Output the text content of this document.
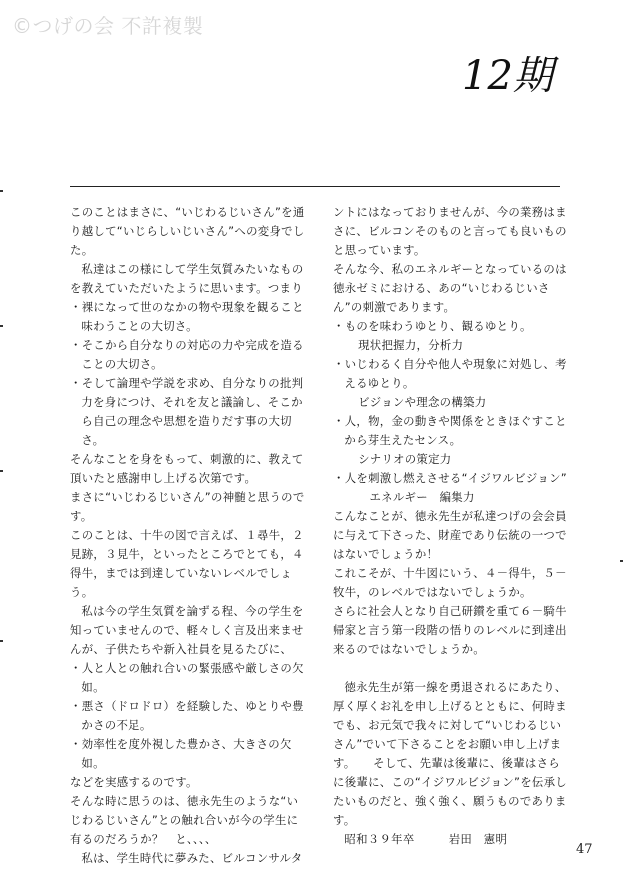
©つげの会 不許複製
12期

このことはまさに、“いじわるじいさん”を通り越して“いじらしいじいさん”への変身でした。

私達はこの様にして学生気質みたいなものを教えていただいたように思います。つまり

・裸になって世のなかの物や現象を観ること味わうことの大切さ。

・そこから自分なりの対応の力や完成を造ることの大切さ。

・そして論理や学説を求め、自分なりの批判力を身につけ、それを友と議論し、そこから自己の理念や思想を造りだす事の大切さ。

そんなことを身をもって、刺激的に、教えて頂いたと感謝申し上げる次第です。

まさに“いじわるじいさん”の神髄と思うのです。

このことは、十牛の図で言えば、１尋牛，２見跡，３見牛，といったところでとても，４得牛，までは到達していないレベルでしょう。

私は今の学生気質を論ずる程、今の学生を知っていませんので、軽々しく言及出来ませんが、子供たちや新入社員を見るたびに、

・人と人との触れ合いの緊張感や厳しさの欠如。

・悪さ（ドロドロ）を経験した、ゆとりや豊かさの不足。

・効率性を度外視した豊かさ、大きさの欠如。

などを実感するのです。

そんな時に思うのは、徳永先生のような“いじわるじいさん”との触れ合いが今の学生に有るのだろうか？　と、、、、

私は、学生時代に夢みた、ビルコンサルタ

ントにはなっておりませんが、今の業務はまさに、ビルコンそのものと言っても良いものと思っています。

そんな今、私のエネルギーとなっているのは徳永ゼミにおける、あの“いじわるじいさん”の刺激であります。

・ものを味わうゆとり、観るゆとり。

現状把握力，分析力

・いじわるく自分や他人や現象に対処し、考えるゆとり。

ビジョンや理念の構築力

・人，物，金の動きや関係をときほぐすことから芽生えたセンス。

シナリオの策定力

・人を刺激し燃えさせる“イジワルビジョン”

エネルギー　編集力

こんなことが、徳永先生が私達つげの会会員に与えて下さった、財産であり伝統の一つではないでしょうか！

これこそが、十牛図にいう、４－得牛，５－牧牛，のレベルではないでしょうか。

さらに社会人となり自己研鑚を重て６－騎牛帰家と言う第一段階の悟りのレベルに到達出来るのではないでしょうか。

徳永先生が第一線を勇退されるにあたり、厚く厚くお礼を申し上げるとともに、何時までも、お元気で我々に対して“いじわるじいさん”でいて下さることをお願い申し上げます。　　そして、先輩は後輩に、後輩はさらに後輩に、この“イジワルビジョン”を伝承したいものだと、強く強く、願うものであります。

昭和３９年卒	岩田　憲明

47
